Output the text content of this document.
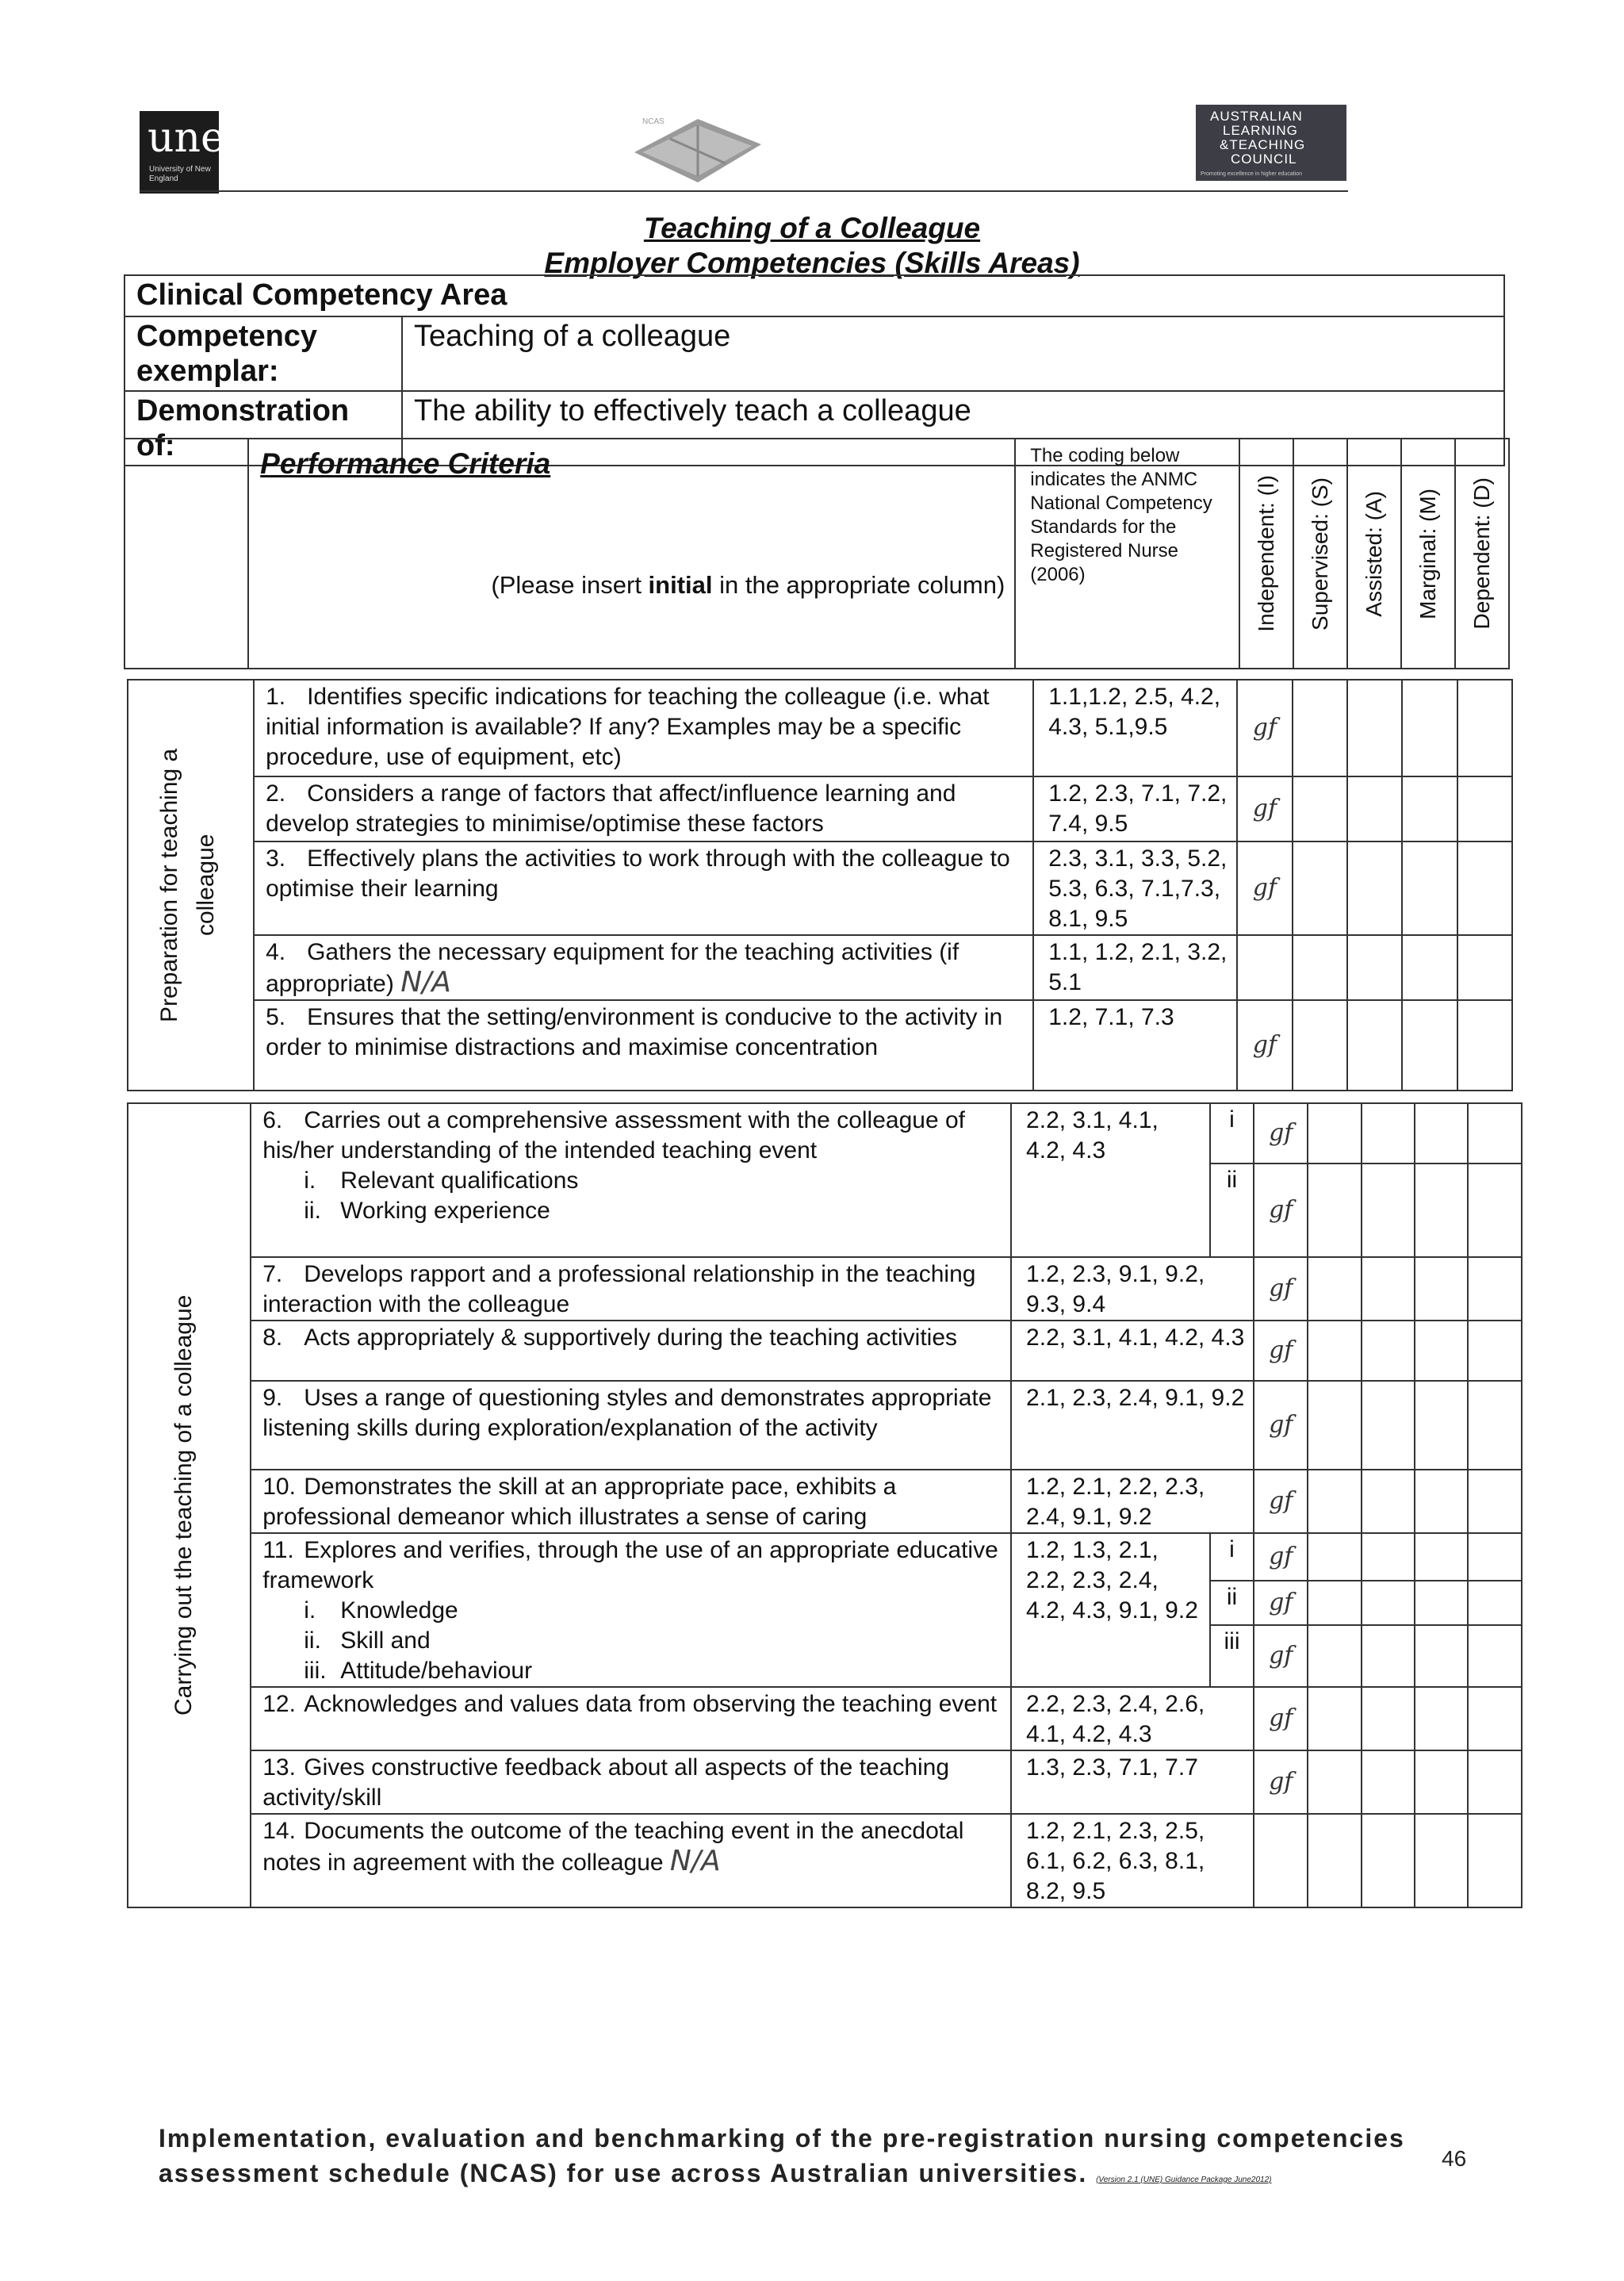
une
University of New England
NCAS	AUSTRALIAN
LEARNING
&TEACHING
COUNCIL
Promoting excellence in higher education
Teaching of a Colleague
Employer Competencies (Skills Areas)
Clinical Competency Area	
Competency exemplar:	Teaching of a colleague
Demonstration of:	The ability to effectively teach a colleague

Performance Criteria
(Please insert initial in the appropriate column)
	The coding below indicates the ANMC National Competency Standards for the Registered Nurse (2006)	Independent: (I)	Supervised: (S)	Assisted: (A)	Marginal: (M)	Dependent: (D)
Preparation for teaching a colleague	1. Identifies specific indications for teaching the colleague (i.e. what initial information is available? If any? Examples may be a specific procedure, use of equipment, etc)	1.1,1.2, 2.5, 4.2, 4.3, 5.1,9.5	gf				
	2. Considers a range of factors that affect/influence learning and develop strategies to minimise/optimise these factors	1.2, 2.3, 7.1, 7.2, 7.4, 9.5	gf				
	3. Effectively plans the activities to work through with the colleague to optimise their learning	2.3, 3.1, 3.3, 5.2, 5.3, 6.3, 7.1,7.3, 8.1, 9.5	gf				
	4. Gathers the necessary equipment for the teaching activities (if appropriate) N/A	1.1, 1.2, 2.1, 3.2, 5.1					
	5. Ensures that the setting/environment is conducive to the activity in order to minimise distractions and maximise concentration	1.2, 7.1, 7.3	gf				
Carrying out the teaching of a colleague	6. Carries out a comprehensive assessment with the colleague of his/her understanding of the intended teaching event
i. Relevant qualifications
ii. Working experience	2.2, 3.1, 4.1, 4.2, 4.3	i	gf				
			ii	gf				
	7. Develops rapport and a professional relationship in the teaching interaction with the colleague	1.2, 2.3, 9.1, 9.2, 9.3, 9.4		gf				
	8. Acts appropriately & supportively during the teaching activities	2.2, 3.1, 4.1, 4.2, 4.3		gf				
	9. Uses a range of questioning styles and demonstrates appropriate listening skills during exploration/explanation of the activity	2.1, 2.3, 2.4, 9.1, 9.2		gf				
	10. Demonstrates the skill at an appropriate pace, exhibits a professional demeanor which illustrates a sense of caring	1.2, 2.1, 2.2, 2.3, 2.4, 9.1, 9.2		gf				
	11. Explores and verifies, through the use of an appropriate educative framework
i. Knowledge
ii. Skill and
iii. Attitude/behaviour	1.2, 1.3, 2.1, 2.2, 2.3, 2.4, 4.2, 4.3, 9.1, 9.2	i	gf				
			ii	gf				
			iii	gf				
	12. Acknowledges and values data from observing the teaching event	2.2, 2.3, 2.4, 2.6, 4.1, 4.2, 4.3		gf				
	13. Gives constructive feedback about all aspects of the teaching activity/skill	1.3, 2.3, 7.1, 7.7		gf				
	14. Documents the outcome of the teaching event in the anecdotal notes in agreement with the colleague N/A	1.2, 2.1, 2.3, 2.5, 6.1, 6.2, 6.3, 8.1, 8.2, 9.5						
Implementation, evaluation and benchmarking of the pre-registration nursing competencies assessment schedule (NCAS) for use across Australian universities. (Version 2.1 (UNE) Guidance Package June2012)
46
